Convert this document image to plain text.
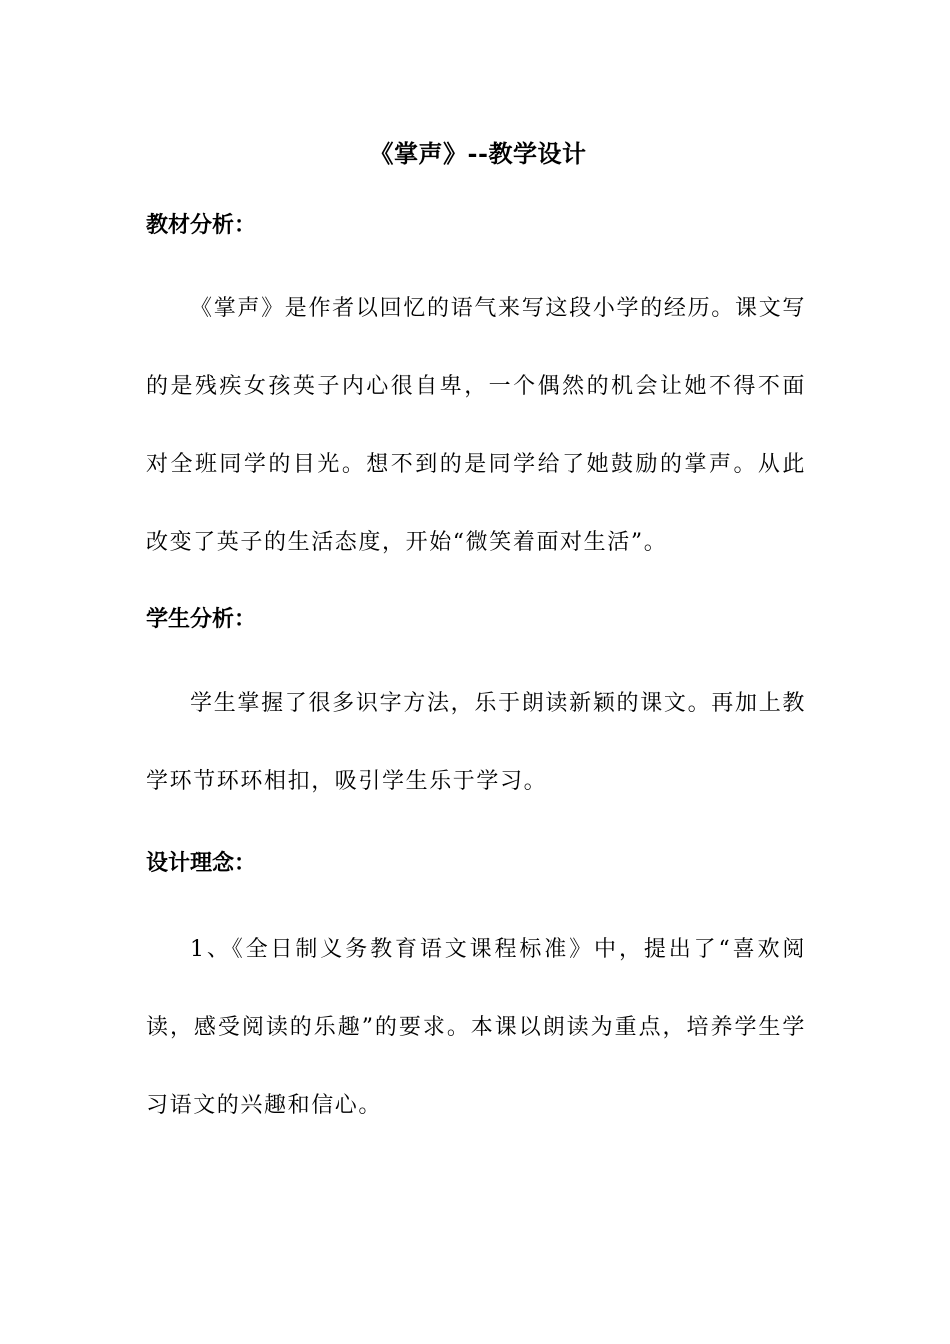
《掌声》--教学设计
教材分析：

《掌声》是作者以回忆的语气来写这段小学的经历。课文写的是残疾女孩英子内心很自卑，一个偶然的机会让她不得不面对全班同学的目光。想不到的是同学给了她鼓励的掌声。从此改变了英子的生活态度，开始“微笑着面对生活”。

学生分析：

学生掌握了很多识字方法，乐于朗读新颖的课文。再加上教学环节环环相扣，吸引学生乐于学习。

设计理念：

1、《全日制义务教育语文课程标准》中，提出了“喜欢阅读，感受阅读的乐趣”的要求。本课以朗读为重点，培养学生学习语文的兴趣和信心。
